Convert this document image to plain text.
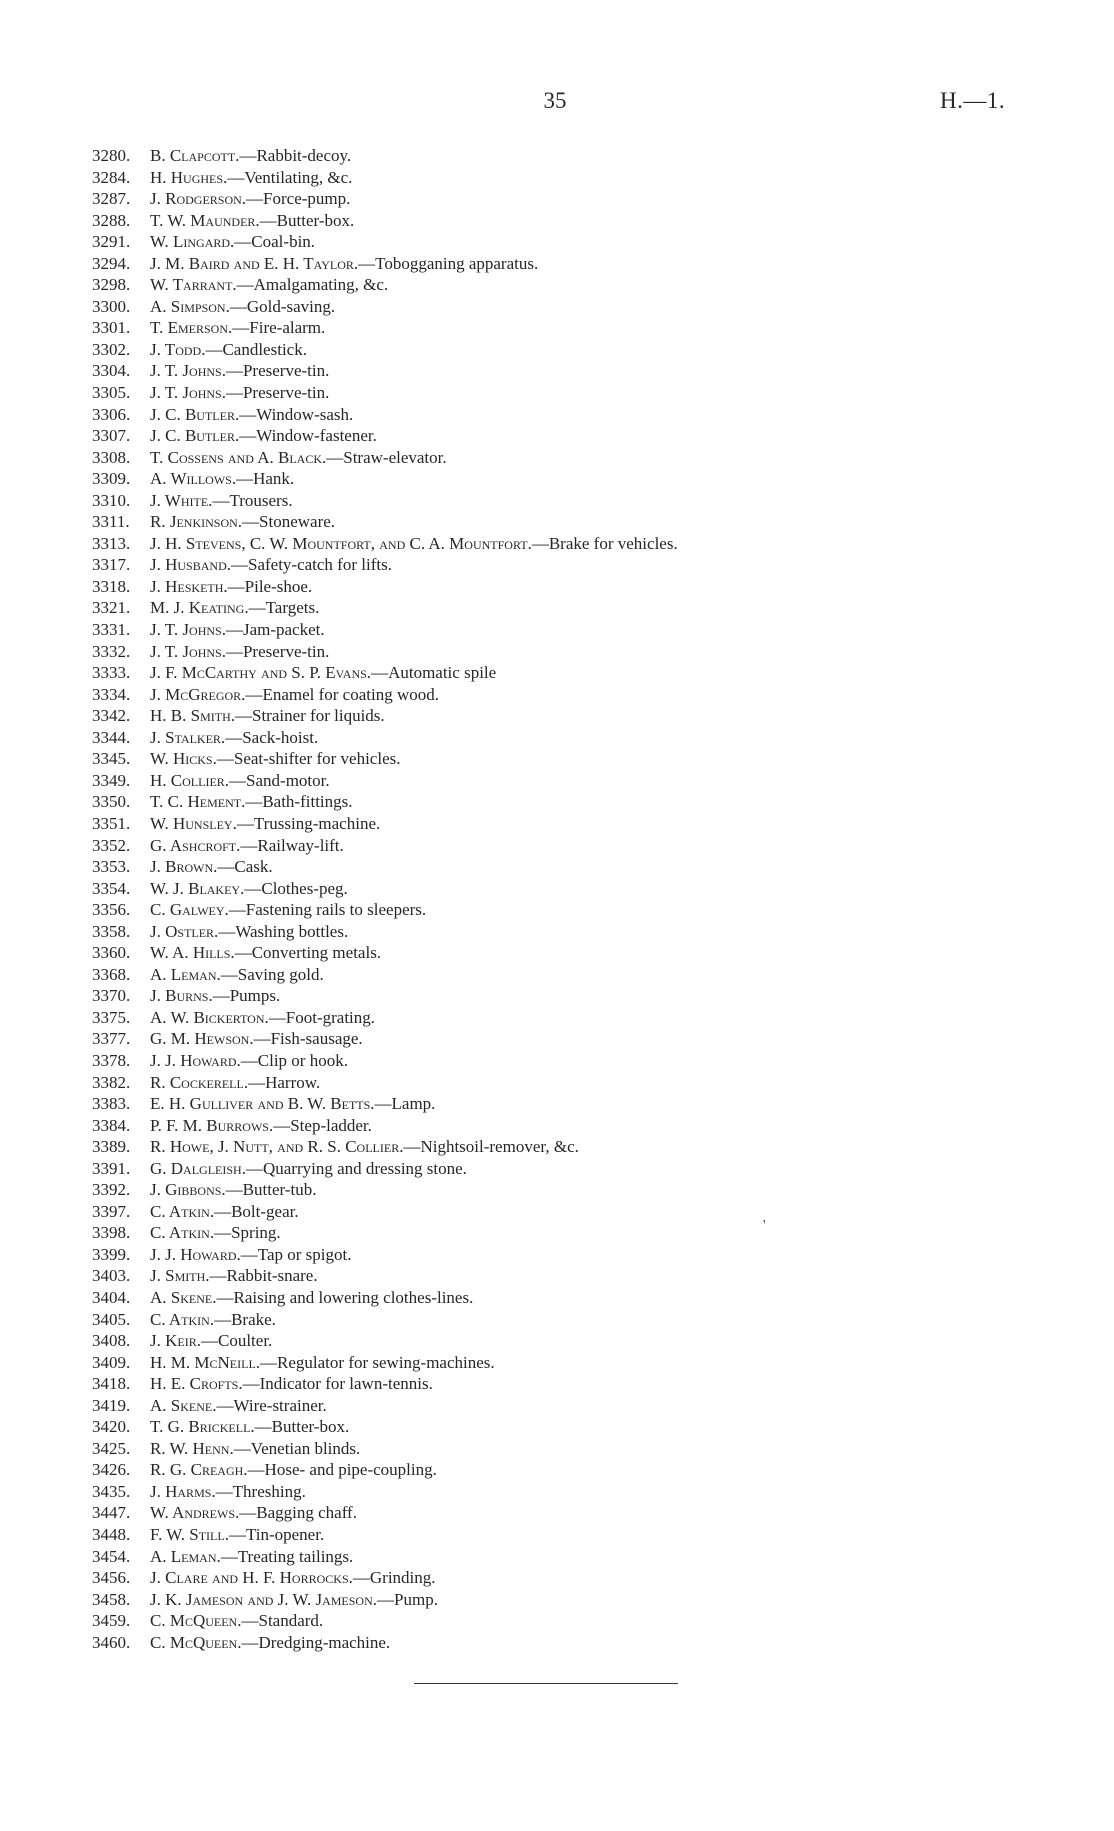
35	H.—1.
3280. B. Clapcott.—Rabbit-decoy.
3284. H. Hughes.—Ventilating, &c.
3287. J. Rodgerson.—Force-pump.
3288. T. W. Maunder.—Butter-box.
3291. W. Lingard.—Coal-bin.
3294. J. M. Baird and E. H. Taylor.—Tobogganing apparatus.
3298. W. Tarrant.—Amalgamating, &c.
3300. A. Simpson.—Gold-saving.
3301. T. Emerson.—Fire-alarm.
3302. J. Todd.—Candlestick.
3304. J. T. Johns.—Preserve-tin.
3305. J. T. Johns.—Preserve-tin.
3306. J. C. Butler.—Window-sash.
3307. J. C. Butler.—Window-fastener.
3308. T. Cossens and A. Black.—Straw-elevator.
3309. A. Willows.—Hank.
3310. J. White.—Trousers.
3311. R. Jenkinson.—Stoneware.
3313. J. H. Stevens, C. W. Mountfort, and C. A. Mountfort.—Brake for vehicles.
3317. J. Husband.—Safety-catch for lifts.
3318. J. Hesketh.—Pile-shoe.
3321. M. J. Keating.—Targets.
3331. J. T. Johns.—Jam-packet.
3332. J. T. Johns.—Preserve-tin.
3333. J. F. McCarthy and S. P. Evans.—Automatic spile
3334. J. McGregor.—Enamel for coating wood.
3342. H. B. Smith.—Strainer for liquids.
3344. J. Stalker.—Sack-hoist.
3345. W. Hicks.—Seat-shifter for vehicles.
3349. H. Collier.—Sand-motor.
3350. T. C. Hement.—Bath-fittings.
3351. W. Hunsley.—Trussing-machine.
3352. G. Ashcroft.—Railway-lift.
3353. J. Brown.—Cask.
3354. W. J. Blakey.—Clothes-peg.
3356. C. Galwey.—Fastening rails to sleepers.
3358. J. Ostler.—Washing bottles.
3360. W. A. Hills.—Converting metals.
3368. A. Leman.—Saving gold.
3370. J. Burns.—Pumps.
3375. A. W. Bickerton.—Foot-grating.
3377. G. M. Hewson.—Fish-sausage.
3378. J. J. Howard.—Clip or hook.
3382. R. Cockerell.—Harrow.
3383. E. H. Gulliver and B. W. Betts.—Lamp.
3384. P. F. M. Burrows.—Step-ladder.
3389. R. Howe, J. Nutt, and R. S. Collier.—Nightsoil-remover, &c.
3391. G. Dalgleish.—Quarrying and dressing stone.
3392. J. Gibbons.—Butter-tub.
3397. C. Atkin.—Bolt-gear.
3398. C. Atkin.—Spring.
3399. J. J. Howard.—Tap or spigot.
3403. J. Smith.—Rabbit-snare.
3404. A. Skene.—Raising and lowering clothes-lines.
3405. C. Atkin.—Brake.
3408. J. Keir.—Coulter.
3409. H. M. McNeill.—Regulator for sewing-machines.
3418. H. E. Crofts.—Indicator for lawn-tennis.
3419. A. Skene.—Wire-strainer.
3420. T. G. Brickell.—Butter-box.
3425. R. W. Henn.—Venetian blinds.
3426. R. G. Creagh.—Hose- and pipe-coupling.
3435. J. Harms.—Threshing.
3447. W. Andrews.—Bagging chaff.
3448. F. W. Still.—Tin-opener.
3454. A. Leman.—Treating tailings.
3456. J. Clare and H. F. Horrocks.—Grinding.
3458. J. K. Jameson and J. W. Jameson.—Pump.
3459. C. McQueen.—Standard.
3460. C. McQueen.—Dredging-machine.
'
